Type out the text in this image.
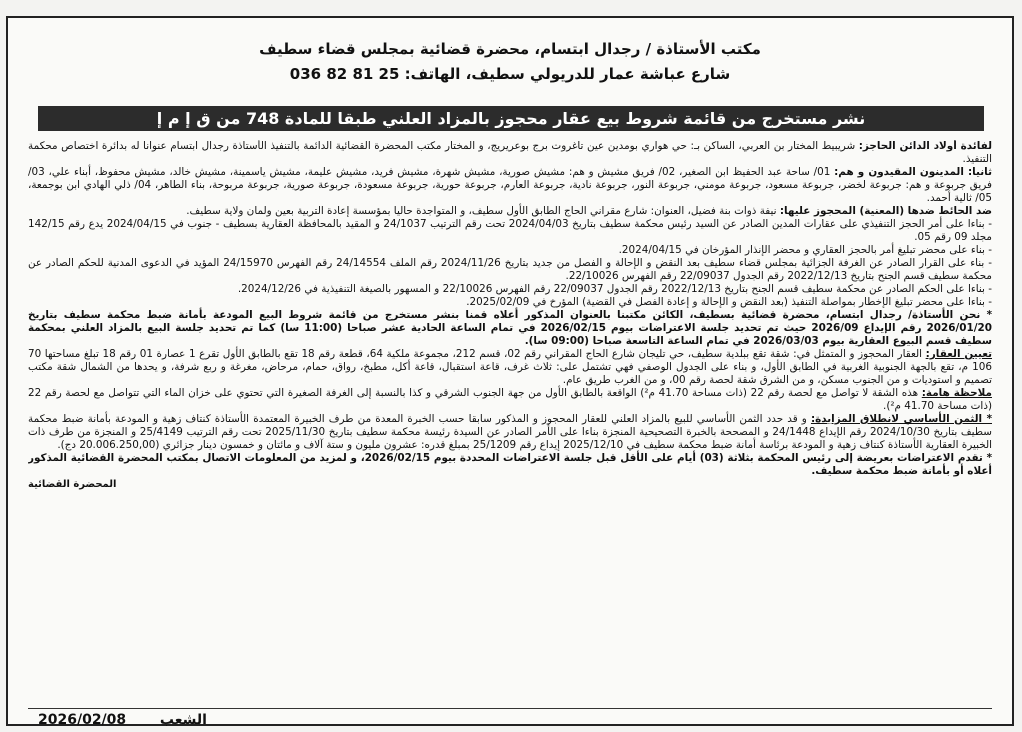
مكتب الأستاذة / رجدال ابتسام، محضرة قضائية بمجلس قضاء سطيف
شارع عباشة عمار للدريولي سطيف، الهاتف: 25 81 82 036
نشر مستخرج من قائمة شروط بيع عقار محجوز بالمزاد العلني طبقا للمادة 748 من ق إ م إ

لفائدة أولاد الدائن الحاجز: شريبيط المختار بن العربي، الساكن بـ: حي هواري بومدين عين تاغروت برج بوعريريج، و المختار مكتب المحضرة القضائية الدائمة بالتنفيذ الأستاذة رجدال ابتسام عنوانا له بدائرة اختصاص محكمة التنفيذ.

ثانيا: المدينون المقيدون و هم: 01/ ساحة عبد الحفيظ ابن الصغير، 02/ فريق مشيش و هم: مشيش صورية، مشيش شهرة، مشيش فريد، مشيش عليمة، مشيش ياسمينة، مشيش خالد، مشيش محفوظ، أبناء علي، 03/ فريق جربوعة و هم: جربوعة لخضر، جربوعة مسعود، جربوعة مومني، جربوعة النور، جربوعة نادية، جربوعة العارم، جربوعة حورية، جربوعة مسعودة، جربوعة صورية، جربوعة مربوحة، بناء الطاهر، 04/ ذلي الهادي ابن بوجمعة، 05/ ثالية أحمد.

ضد الحائط ضدها (المعنية) المحجوز عليها: نيفة ذوات بنة فضيل، العنوان: شارع مقراني الحاج الطابق الأول سطيف، و المتواجدة حاليا بمؤسسة إعادة التربية بعين ولمان ولاية سطيف.

- بناءا على أمر الحجز التنفيذي على عقارات المدين الصادر عن السيد رئيس محكمة سطيف بتاريخ 2024/04/03 تحت رقم الترتيب 24/1037 و المقيد بالمحافظة العقارية بسطيف - جنوب في 2024/04/15 يدع رقم 142/15 مجلد 09 رقم 05.

- بناء على محضر تبليغ أمر بالحجز العقاري و محضر الإنذار المؤرخان في 2024/04/15.

- بناء على القرار الصادر عن الغرفة الجزائية بمجلس قضاء سطيف بعد النقض و الإحالة و الفصل من جديد بتاريخ 2024/11/26 رقم الملف 24/14554 رقم الفهرس 24/15970 المؤيد في الدعوى المدنية للحكم الصادر عن محكمة سطيف قسم الجنح بتاريخ 2022/12/13 رقم الجدول 22/09037 رقم الفهرس 22/10026.

- بناءا على الحكم الصادر عن محكمة سطيف قسم الجنح بتاريخ 2022/12/13 رقم الجدول 22/09037 رقم الفهرس 22/10026 و المسهور بالصيغة التنفيذية في 2024/12/26.

- بناءا على محضر تبليغ الإخطار بمواصلة التنفيذ (بعد النقض و الإحالة و إعادة الفصل في القضية) المؤرخ في 2025/02/09.

* نحن الأستاذة/ رجدال ابتسام، محضرة قضائية بسطيف، الكائن مكتبنا بالعنوان المذكور أعلاه قمنا بنشر مستخرج من قائمة شروط البيع المودعة بأمانة ضبط محكمة سطيف بتاريخ 2026/01/20 رقم الإيداع 2026/09 حيث تم تحديد جلسة الاعتراضات بيوم 2026/02/15 في تمام الساعة الحادية عشر صباحا (11:00 سا) كما تم تحديد جلسة البيع بالمزاد العلني بمحكمة سطيف قسم البيوع العقارية بيوم 2026/03/03 في تمام الساعة التاسعة صباحا (09:00 سا).

تعيين العقار: العقار المحجوز و المتمثل في: شقة تقع ببلدية سطيف، حي تليجان شارع الحاج المقراني رقم 02، قسم 212، مجموعة ملكية 64، قطعة رقم 18 تقع بالطابق الأول تقرع 1 عصارة 01 رقم 18 تبلغ مساحتها 70 106 م، تقع بالجهة الجنوبية الغربية في الطابق الأول، و بناء على الجدول الوصفي فهي تشتمل على: ثلاث غرف، قاعة استقبال، قاعة أكل، مطبخ، رواق، حمام، مرحاض، مغرغة و ربع شرفة، و يحدها من الشمال شقة مكتب تصميم و استوديات و من الجنوب مسكن، و من الشرق شقة لحصة رقم 00، و من الغرب طريق عام.

ملاحظة هامة: هذه الشقة لا تواصل مع لحصة رقم 22 (ذات مساحة 41.70 م²) الواقعة بالطابق الأول من جهة الجنوب الشرقي و كذا بالنسبة إلى الغرفة الصغيرة التي تحتوي على خزان الماء التي تتواصل مع لحصة رقم 22 (ذات مساحة 41.70 م²).

* الثمن الأساسي لانطلاق المزايدة: و قد حدد الثمن الأساسي للبيع بالمزاد العلني للعقار المحجوز و المذكور سابقا حسب الخبرة المعدة من طرف الخبيرة المعتمدة الأستاذة كنتاف زهية و المودعة بأمانة ضبط محكمة سطيف بتاريخ 2024/10/30 رقم الإيداع 24/1448 و المصححة بالخبرة التصحيحية المنجزة بناءا على الأمر الصادر عن السيدة رئيسة محكمة سطيف بتاريخ 2025/11/30 تحت رقم الترتيب 25/4149 و المنجزة من طرف ذات الخبيرة العقارية الأستاذة كنتاف زهية و المودعة برئاسة أمانة ضبط محكمة سطيف في 2025/12/10 إيداع رقم 25/1209 بمبلغ قدره: عشرون مليون و ستة آلاف و مائتان و خمسون دينار جزائري (20.006.250,00 دج).

* تقدم الاعتراضات بعريضة إلى رئيس المحكمة بثلاثة (03) أيام على الأقل قبل جلسة الاعتراضات المحددة بيوم 2026/02/15، و لمزيد من المعلومات الاتصال بمكتب المحضرة القضائية المذكور أعلاه أو بأمانة ضبط محكمة سطيف.

المحضرة القضائية

2026/02/08 الشعب
